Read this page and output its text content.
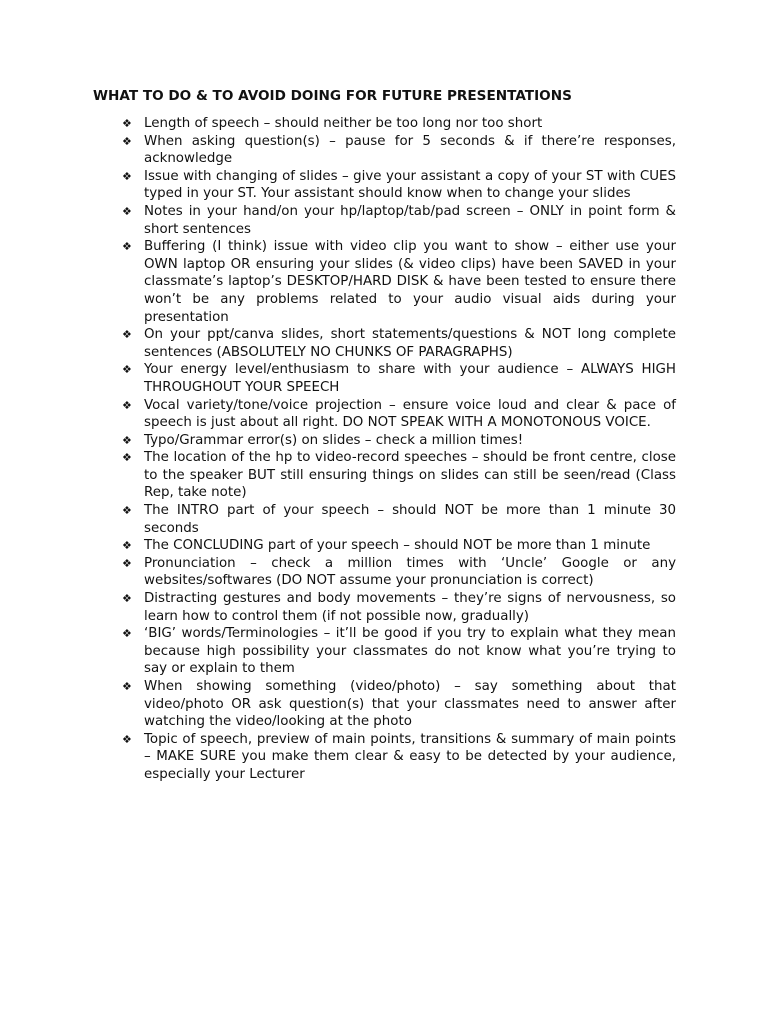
WHAT TO DO & TO AVOID DOING FOR FUTURE PRESENTATIONS
❖ Length of speech – should neither be too long nor too short
❖ When asking question(s) – pause for 5 seconds & if there’re responses, acknowledge
❖ Issue with changing of slides – give your assistant a copy of your ST with CUES typed in your ST. Your assistant should know when to change your slides
❖ Notes in your hand/on your hp/laptop/tab/pad screen – ONLY in point form & short sentences
❖ Buffering (I think) issue with video clip you want to show – either use your OWN laptop OR ensuring your slides (& video clips) have been SAVED in your classmate’s laptop’s DESKTOP/HARD DISK & have been tested to ensure there won’t be any problems related to your audio visual aids during your presentation
❖ On your ppt/canva slides, short statements/questions & NOT long complete sentences (ABSOLUTELY NO CHUNKS OF PARAGRAPHS)
❖ Your energy level/enthusiasm to share with your audience – ALWAYS HIGH THROUGHOUT YOUR SPEECH
❖ Vocal variety/tone/voice projection – ensure voice loud and clear & pace of speech is just about all right. DO NOT SPEAK WITH A MONOTONOUS VOICE.
❖ Typo/Grammar error(s) on slides – check a million times!
❖ The location of the hp to video-record speeches – should be front centre, close to the speaker BUT still ensuring things on slides can still be seen/read (Class Rep, take note)
❖ The INTRO part of your speech – should NOT be more than 1 minute 30 seconds
❖ The CONCLUDING part of your speech – should NOT be more than 1 minute
❖ Pronunciation – check a million times with ‘Uncle’ Google or any websites/softwares (DO NOT assume your pronunciation is correct)
❖ Distracting gestures and body movements – they’re signs of nervousness, so learn how to control them (if not possible now, gradually)
❖ ‘BIG’ words/Terminologies – it’ll be good if you try to explain what they mean because high possibility your classmates do not know what you’re trying to say or explain to them
❖ When showing something (video/photo) – say something about that video/photo OR ask question(s) that your classmates need to answer after watching the video/looking at the photo
❖ Topic of speech, preview of main points, transitions & summary of main points – MAKE SURE you make them clear & easy to be detected by your audience, especially your Lecturer
